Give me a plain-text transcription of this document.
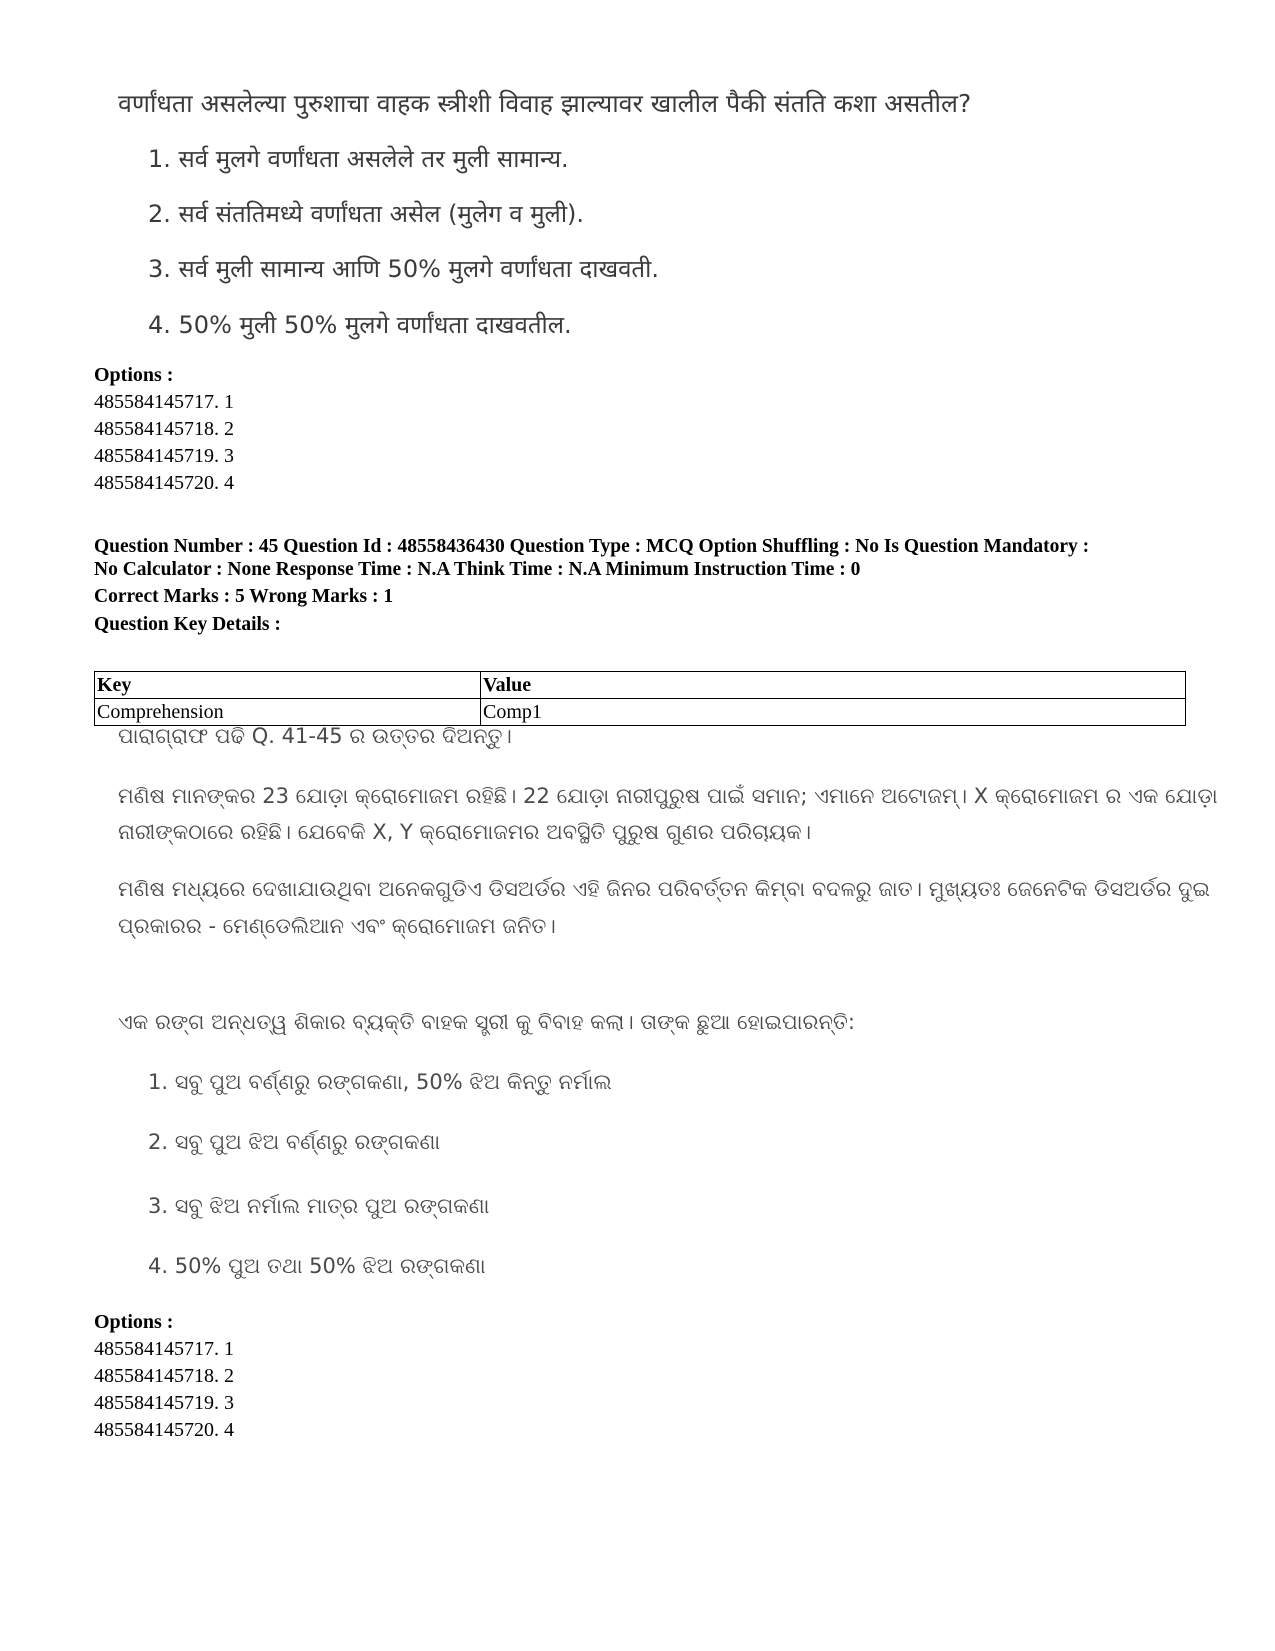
वर्णांधता असलेल्या पुरुशाचा वाहक स्त्रीशी विवाह झाल्यावर खालील पैकी संतति कशा असतील?
1. सर्व मुलगे वर्णांधता असलेले तर मुली सामान्य.
2. सर्व संततिमध्ये वर्णांधता असेल (मुलेग व मुली).
3. सर्व मुली सामान्य आणि 50% मुलगे वर्णांधता दाखवती.
4. 50% मुली 50% मुलगे वर्णांधता दाखवतील.
Options :
485584145717. 1
485584145718. 2
485584145719. 3
485584145720. 4
Question Number : 45 Question Id : 48558436430 Question Type : MCQ Option Shuffling : No Is Question Mandatory :
No Calculator : None Response Time : N.A Think Time : N.A Minimum Instruction Time : 0
Correct Marks : 5 Wrong Marks : 1
Question Key Details :
Key	Value
Comprehension	Comp1
ପାରାଗ୍ରାଫ ପଢି Q. 41-45 ର ଉତ୍ତର ଦିଅନ୍ତୁ।
ମଣିଷ ମାନଙ୍କର 23 ଯୋଡ଼ା କ୍ରୋମୋଜମ ରହିଛି। 22 ଯୋଡ଼ା ନାରୀପୁରୁଷ ପାଇଁ ସମାନ; ଏମାନେ ଅଟୋଜମ୍। X କ୍ରୋମୋଜମ ର ଏକ ଯୋଡ଼ା
ନାରୀଙ୍କଠାରେ ରହିଛି। ଯେବେକି X, Y କ୍ରୋମୋଜମର ଅବସ୍ଥିତି ପୁରୁଷ ଗୁଣର ପରିଚାୟକ।
ମଣିଷ ମଧ୍ୟରେ ଦେଖାଯାଉଥିବା ଅନେକଗୁଡିଏ ଡିସଅର୍ଡର ଏହି ଜିନର ପରିବର୍ତ୍ତନ କିମ୍ବା ବଦଳରୁ ଜାତ। ମୁଖ୍ୟତଃ ଜେନେଟିକ ଡିସଅର୍ଡର ଦୁଇ
ପ୍ରକାରର - ମେଣ୍ଡେଲିଆନ ଏବଂ କ୍ରୋମୋଜମ ଜନିତ।
ଏକ ରଙ୍ଗ ଅନ୍ଧତ୍ୱ ଶିକାର ବ୍ୟକ୍ତି ବାହକ ସ୍ତ୍ରୀ କୁ ବିବାହ କଲା। ତାଙ୍କ ଛୁଆ ହୋଇପାରନ୍ତି:
1. ସବୁ ପୁଅ ବର୍ଣ୍ଣରୁ ରଙ୍ଗକଣା, 50% ଝିଅ କିନ୍ତୁ ନର୍ମାଲ
2. ସବୁ ପୁଅ ଝିଅ ବର୍ଣ୍ଣରୁ ରଙ୍ଗକଣା
3. ସବୁ ଝିଅ ନର୍ମାଲ ମାତ୍ର ପୁଅ ରଙ୍ଗକଣା
4. 50% ପୁଅ ତଥା 50% ଝିଅ ରଙ୍ଗକଣା
Options :
485584145717. 1
485584145718. 2
485584145719. 3
485584145720. 4
